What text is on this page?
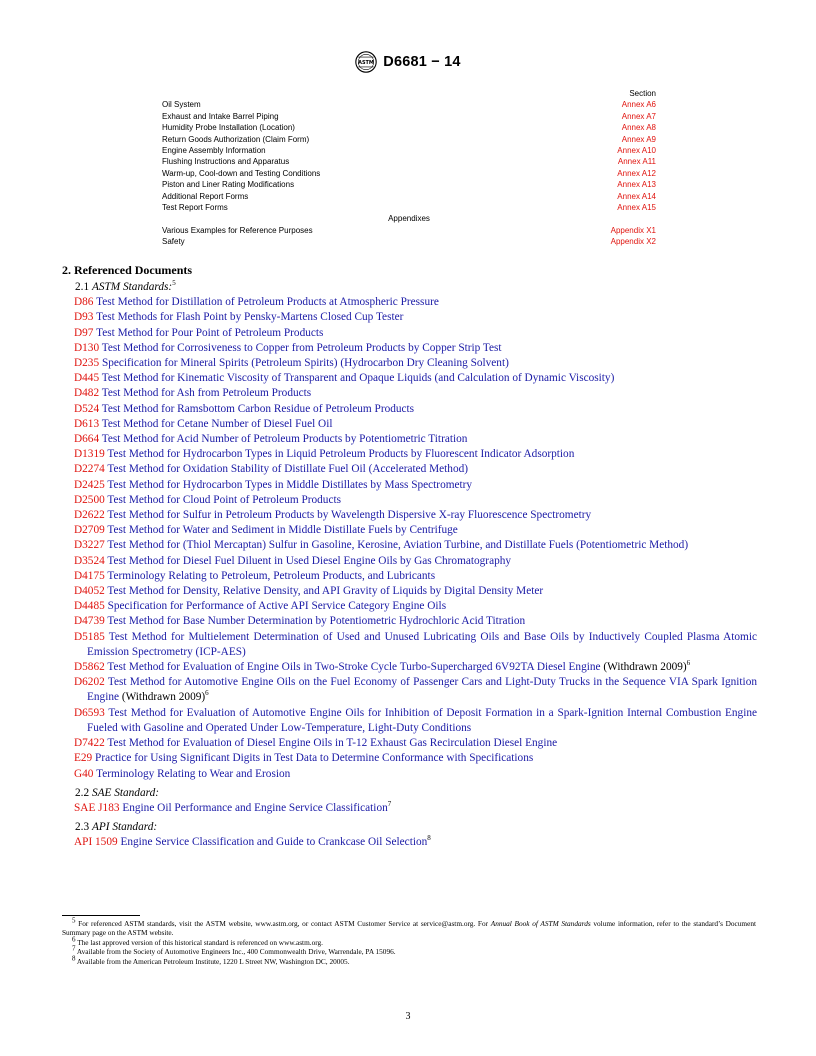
ASTM D6681 − 14
Section
Oil System	Annex A6
Exhaust and Intake Barrel Piping	Annex A7
Humidity Probe Installation (Location)	Annex A8
Return Goods Authorization (Claim Form)	Annex A9
Engine Assembly Information	Annex A10
Flushing Instructions and Apparatus	Annex A11
Warm-up, Cool-down and Testing Conditions	Annex A12
Piston and Liner Rating Modifications	Annex A13
Additional Report Forms	Annex A14
Test Report Forms	Annex A15
Appendixes
Various Examples for Reference Purposes	Appendix X1
Safety	Appendix X2
2. Referenced Documents
2.1 ASTM Standards:$^5$
D86 Test Method for Distillation of Petroleum Products at Atmospheric Pressure
D93 Test Methods for Flash Point by Pensky-Martens Closed Cup Tester
D97 Test Method for Pour Point of Petroleum Products
D130 Test Method for Corrosiveness to Copper from Petroleum Products by Copper Strip Test
D235 Specification for Mineral Spirits (Petroleum Spirits) (Hydrocarbon Dry Cleaning Solvent)
D445 Test Method for Kinematic Viscosity of Transparent and Opaque Liquids (and Calculation of Dynamic Viscosity)
D482 Test Method for Ash from Petroleum Products
D524 Test Method for Ramsbottom Carbon Residue of Petroleum Products
D613 Test Method for Cetane Number of Diesel Fuel Oil
D664 Test Method for Acid Number of Petroleum Products by Potentiometric Titration
D1319 Test Method for Hydrocarbon Types in Liquid Petroleum Products by Fluorescent Indicator Adsorption
D2274 Test Method for Oxidation Stability of Distillate Fuel Oil (Accelerated Method)
D2425 Test Method for Hydrocarbon Types in Middle Distillates by Mass Spectrometry
D2500 Test Method for Cloud Point of Petroleum Products
D2622 Test Method for Sulfur in Petroleum Products by Wavelength Dispersive X-ray Fluorescence Spectrometry
D2709 Test Method for Water and Sediment in Middle Distillate Fuels by Centrifuge
D3227 Test Method for (Thiol Mercaptan) Sulfur in Gasoline, Kerosine, Aviation Turbine, and Distillate Fuels (Potentiometric Method)
D3524 Test Method for Diesel Fuel Diluent in Used Diesel Engine Oils by Gas Chromatography
D4175 Terminology Relating to Petroleum, Petroleum Products, and Lubricants
D4052 Test Method for Density, Relative Density, and API Gravity of Liquids by Digital Density Meter
D4485 Specification for Performance of Active API Service Category Engine Oils
D4739 Test Method for Base Number Determination by Potentiometric Hydrochloric Acid Titration
D5185 Test Method for Multielement Determination of Used and Unused Lubricating Oils and Base Oils by Inductively Coupled Plasma Atomic Emission Spectrometry (ICP-AES)
D5862 Test Method for Evaluation of Engine Oils in Two-Stroke Cycle Turbo-Supercharged 6V92TA Diesel Engine (Withdrawn 2009)$^6$
D6202 Test Method for Automotive Engine Oils on the Fuel Economy of Passenger Cars and Light-Duty Trucks in the Sequence VIA Spark Ignition Engine (Withdrawn 2009)$^6$
D6593 Test Method for Evaluation of Automotive Engine Oils for Inhibition of Deposit Formation in a Spark-Ignition Internal Combustion Engine Fueled with Gasoline and Operated Under Low-Temperature, Light-Duty Conditions
D7422 Test Method for Evaluation of Diesel Engine Oils in T-12 Exhaust Gas Recirculation Diesel Engine
E29 Practice for Using Significant Digits in Test Data to Determine Conformance with Specifications
G40 Terminology Relating to Wear and Erosion
2.2 SAE Standard:
SAE J183 Engine Oil Performance and Engine Service Classification$^7$
2.3 API Standard:
API 1509 Engine Service Classification and Guide to Crankcase Oil Selection$^8$
$^5$ For referenced ASTM standards, visit the ASTM website, www.astm.org, or contact ASTM Customer Service at service@astm.org. For Annual Book of ASTM Standards volume information, refer to the standard’s Document Summary page on the ASTM website.
$^6$ The last approved version of this historical standard is referenced on www.astm.org.
$^7$ Available from the Society of Automotive Engineers Inc., 400 Commonwealth Drive, Warrendale, PA 15096.
$^8$ Available from the American Petroleum Institute, 1220 L Street NW, Washington DC, 20005.
3
